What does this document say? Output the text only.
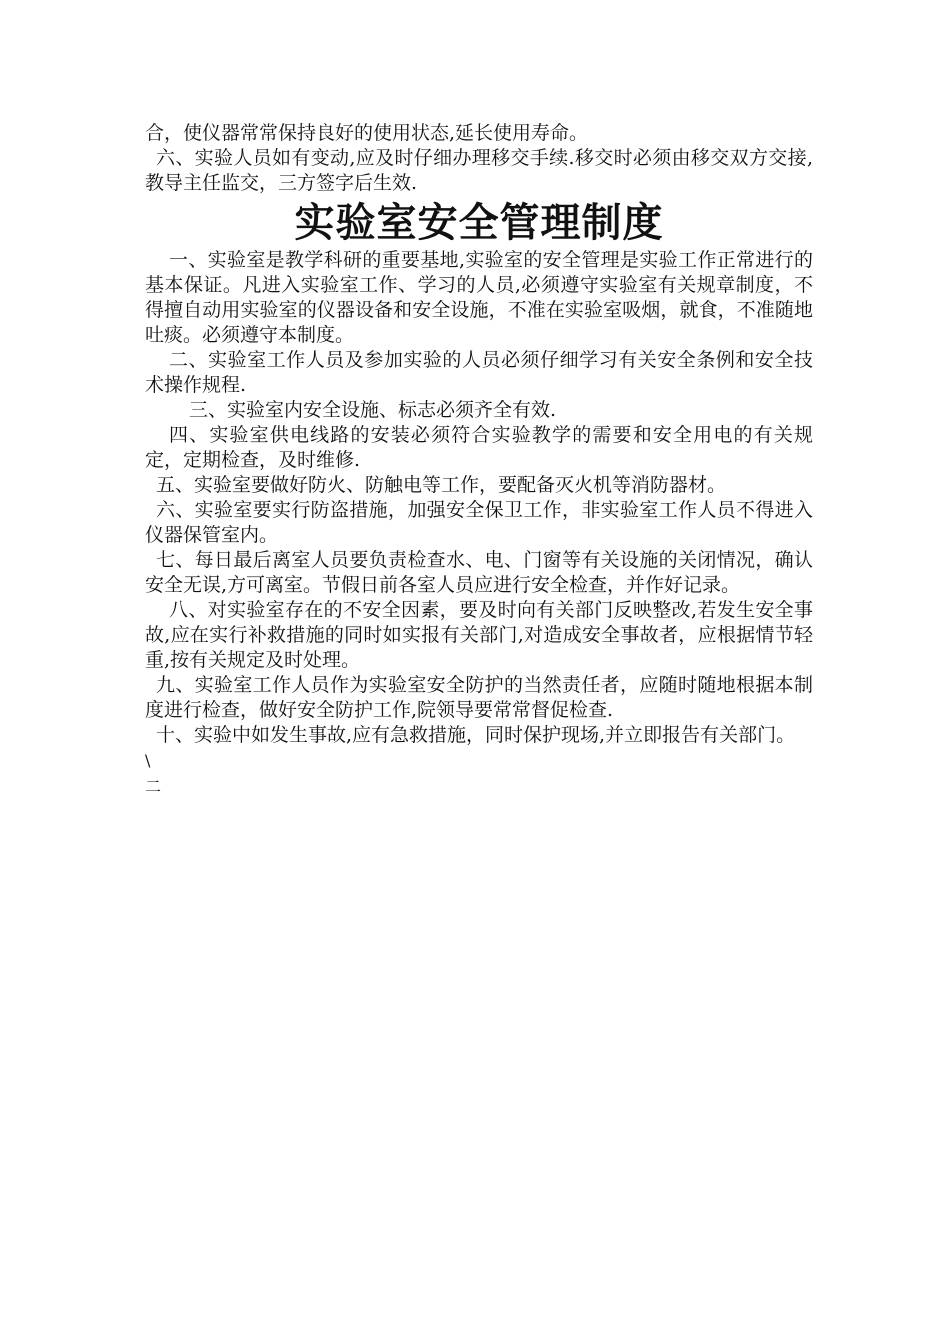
合，使仪器常常保持良好的使用状态,延长使用寿命。

六、实验人员如有变动,应及时仔细办理移交手续.移交时必须由移交双方交接,教导主任监交，三方签字后生效.

实验室安全管理制度

一、实验室是教学科研的重要基地,实验室的安全管理是实验工作正常进行的基本保证。凡进入实验室工作、学习的人员,必须遵守实验室有关规章制度，不得擅自动用实验室的仪器设备和安全设施，不准在实验室吸烟，就食，不准随地吐痰。必须遵守本制度。

二、实验室工作人员及参加实验的人员必须仔细学习有关安全条例和安全技术操作规程.

三、实验室内安全设施、标志必须齐全有效.

四、实验室供电线路的安装必须符合实验教学的需要和安全用电的有关规定，定期检查，及时维修.

五、实验室要做好防火、防触电等工作，要配备灭火机等消防器材。

六、实验室要实行防盗措施，加强安全保卫工作，非实验室工作人员不得进入仪器保管室内。

七、每日最后离室人员要负责检查水、电、门窗等有关设施的关闭情况，确认安全无误,方可离室。节假日前各室人员应进行安全检查，并作好记录。

八、对实验室存在的不安全因素，要及时向有关部门反映整改,若发生安全事故,应在实行补救措施的同时如实报有关部门,对造成安全事故者，应根据情节轻重,按有关规定及时处理。

九、实验室工作人员作为实验室安全防护的当然责任者，应随时随地根据本制度进行检查，做好安全防护工作,院领导要常常督促检查.

十、实验中如发生事故,应有急救措施，同时保护现场,并立即报告有关部门。

\

二
